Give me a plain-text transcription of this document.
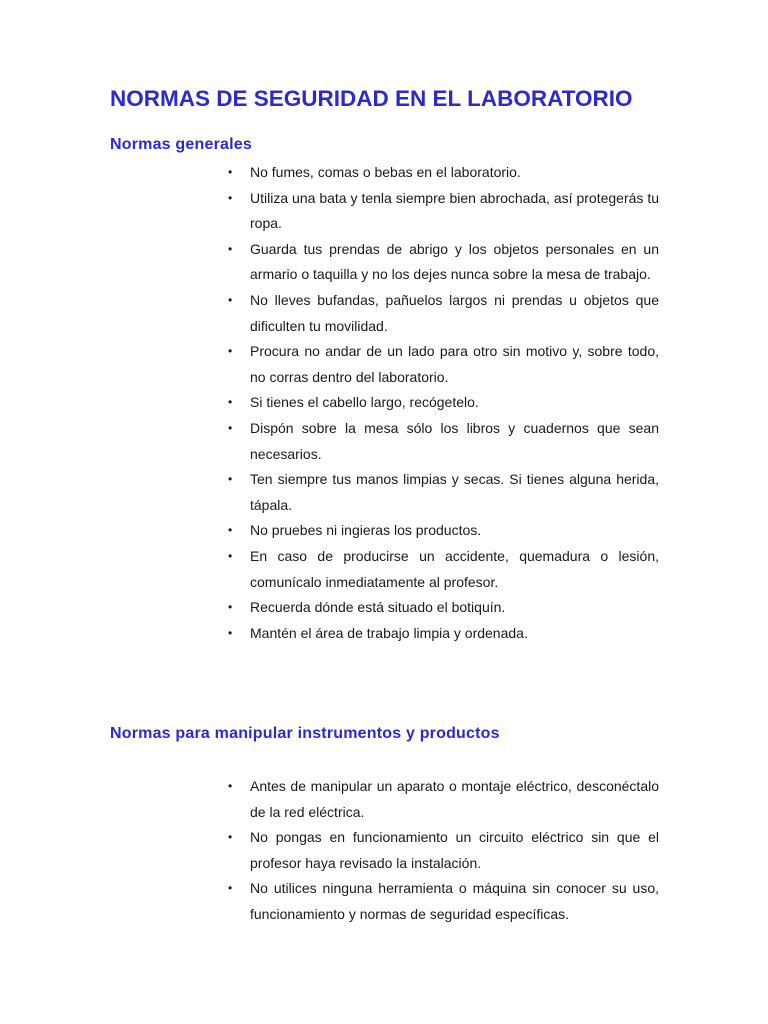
NORMAS DE SEGURIDAD EN EL LABORATORIO
Normas generales
• No fumes, comas o bebas en el laboratorio.
• Utiliza una bata y tenla siempre bien abrochada, así protegerás tu ropa.
• Guarda tus prendas de abrigo y los objetos personales en un armario o taquilla y no los dejes nunca sobre la mesa de trabajo.
• No lleves bufandas, pañuelos largos ni prendas u objetos que dificulten tu movilidad.
• Procura no andar de un lado para otro sin motivo y, sobre todo, no corras dentro del laboratorio.
• Si tienes el cabello largo, recógetelo.
• Dispón sobre la mesa sólo los libros y cuadernos que sean necesarios.
• Ten siempre tus manos limpias y secas. Si tienes alguna herida, tápala.
• No pruebes ni ingieras los productos.
• En caso de producirse un accidente, quemadura o lesión, comunícalo inmediatamente al profesor.
• Recuerda dónde está situado el botiquín.
• Mantén el área de trabajo limpia y ordenada.
Normas para manipular instrumentos y productos
• Antes de manipular un aparato o montaje eléctrico, desconéctalo de la red eléctrica.
• No pongas en funcionamiento un circuito eléctrico sin que el profesor haya revisado la instalación.
• No utilices ninguna herramienta o máquina sin conocer su uso, funcionamiento y normas de seguridad específicas.
